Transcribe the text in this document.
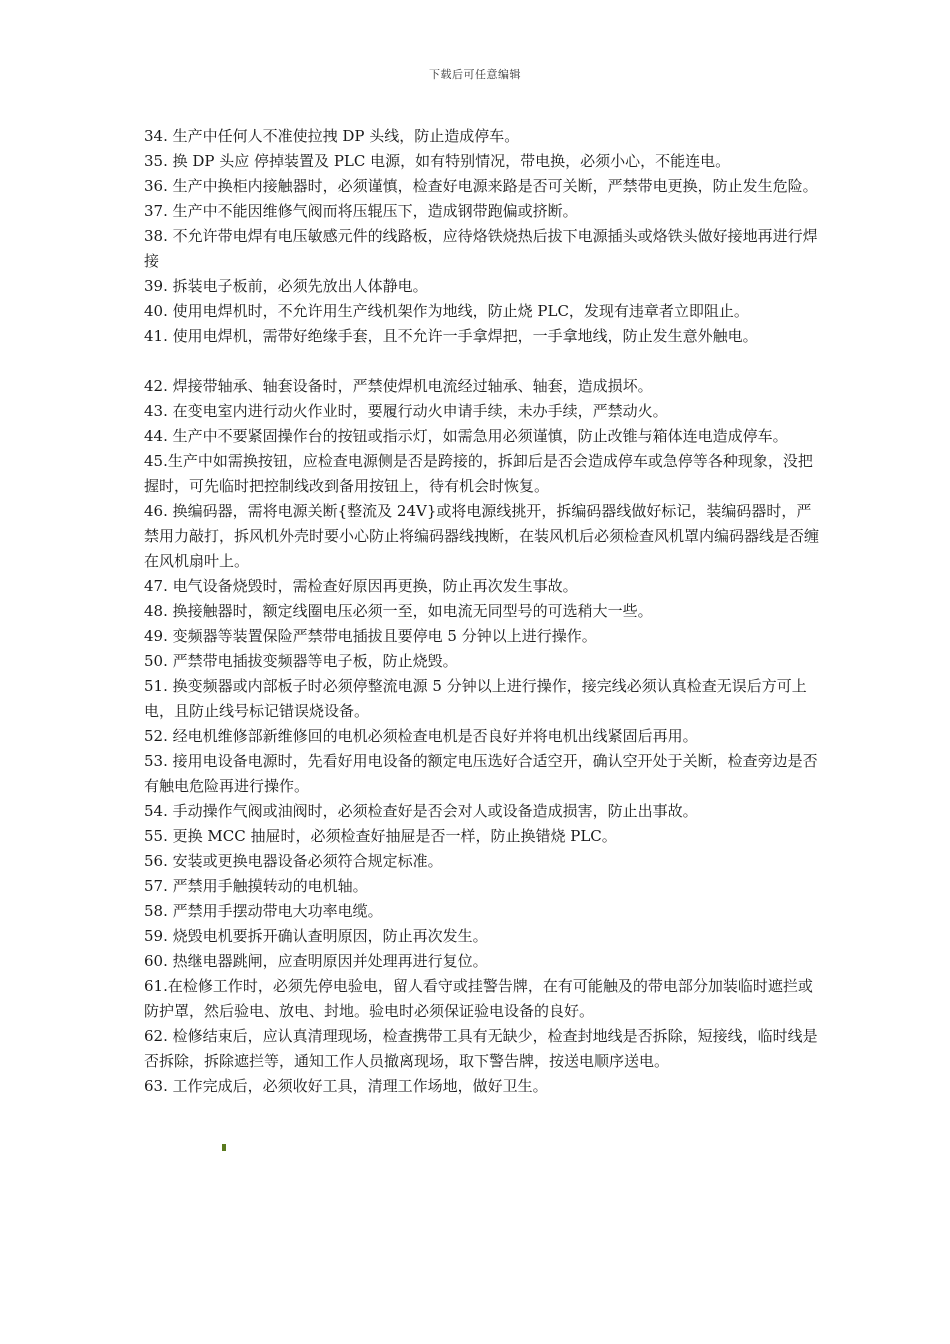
下载后可任意编辑

34. 生产中任何人不准使拉拽 DP 头线，防止造成停车。

35. 换 DP 头应 停掉装置及 PLC 电源，如有特别情况，带电换，必须小心，不能连电。

36. 生产中换柜内接触器时，必须谨慎，检查好电源来路是否可关断，严禁带电更换，防止发生危险。

37. 生产中不能因维修气阀而将压辊压下，造成钢带跑偏或挤断。

38. 不允许带电焊有电压敏感元件的线路板，应待烙铁烧热后拔下电源插头或烙铁头做好接地再进行焊接

39. 拆装电子板前，必须先放出人体静电。

40. 使用电焊机时，不允许用生产线机架作为地线，防止烧 PLC，发现有违章者立即阻止。

41. 使用电焊机，需带好绝缘手套，且不允许一手拿焊把，一手拿地线，防止发生意外触电。

42. 焊接带轴承、轴套设备时，严禁使焊机电流经过轴承、轴套，造成损坏。

43. 在变电室内进行动火作业时，要履行动火申请手续，未办手续，严禁动火。

44. 生产中不要紧固操作台的按钮或指示灯，如需急用必须谨慎，防止改锥与箱体连电造成停车。

45.生产中如需换按钮，应检查电源侧是否是跨接的，拆卸后是否会造成停车或急停等各种现象，没把握时，可先临时把控制线改到备用按钮上，待有机会时恢复。

46. 换编码器，需将电源关断{整流及 24V}或将电源线挑开，拆编码器线做好标记，装编码器时，严禁用力敲打，拆风机外壳时要小心防止将编码器线拽断，在装风机后必须检查风机罩内编码器线是否缠在风机扇叶上。

47. 电气设备烧毁时，需检查好原因再更换，防止再次发生事故。

48. 换接触器时，额定线圈电压必须一至，如电流无同型号的可选稍大一些。

49. 变频器等装置保险严禁带电插拔且要停电 5 分钟以上进行操作。

50. 严禁带电插拔变频器等电子板，防止烧毁。

51. 换变频器或内部板子时必须停整流电源 5 分钟以上进行操作，接完线必须认真检查无误后方可上电，且防止线号标记错误烧设备。

52. 经电机维修部新维修回的电机必须检查电机是否良好并将电机出线紧固后再用。

53. 接用电设备电源时，先看好用电设备的额定电压选好合适空开，确认空开处于关断，检查旁边是否有触电危险再进行操作。

54. 手动操作气阀或油阀时，必须检查好是否会对人或设备造成损害，防止出事故。

55. 更换 MCC 抽屉时，必须检查好抽屉是否一样，防止换错烧 PLC。

56. 安装或更换电器设备必须符合规定标准。

57. 严禁用手触摸转动的电机轴。

58. 严禁用手摆动带电大功率电缆。

59. 烧毁电机要拆开确认查明原因，防止再次发生。

60. 热继电器跳闸，应查明原因并处理再进行复位。

61.在检修工作时，必须先停电验电，留人看守或挂警告牌，在有可能触及的带电部分加装临时遮拦或防护罩，然后验电、放电、封地。验电时必须保证验电设备的良好。

62. 检修结束后，应认真清理现场，检查携带工具有无缺少，检查封地线是否拆除，短接线，临时线是否拆除，拆除遮拦等，通知工作人员撤离现场，取下警告牌，按送电顺序送电。

63. 工作完成后，必须收好工具，清理工作场地，做好卫生。
